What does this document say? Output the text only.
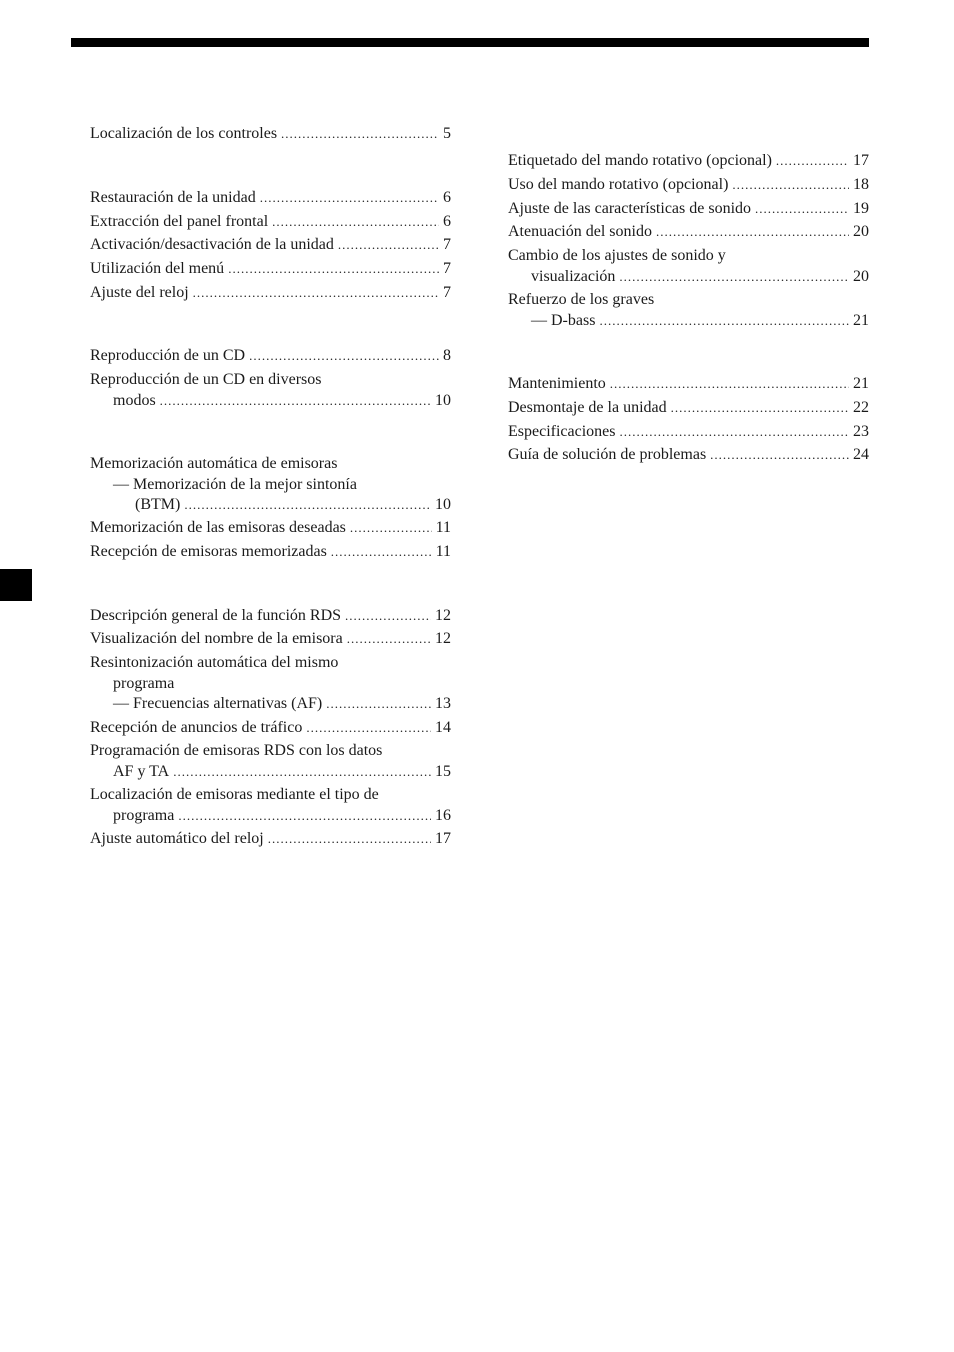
Localización de los controles .....	5
Restauración de la unidad .....	6
Extracción del panel frontal .....	6
Activación/desactivación de la unidad .....	7
Utilización del menú .....	7
Ajuste del reloj .....	7
Reproducción de un CD .....	8
Reproducción de un CD en diversos
modos .....	10
Memorización automática de emisoras
— Memorización de la mejor sintonía
(BTM) .....	10
Memorización de las emisoras deseadas .....	11
Recepción de emisoras memorizadas .....	11
Descripción general de la función RDS .....	12
Visualización del nombre de la emisora .....	12
Resintonización automática del mismo
programa
— Frecuencias alternativas (AF) .....	13
Recepción de anuncios de tráfico .....	14
Programación de emisoras RDS con los datos
AF y TA .....	15
Localización de emisoras mediante el tipo de
programa .....	16
Ajuste automático del reloj .....	17
Etiquetado del mando rotativo (opcional) .....	17
Uso del mando rotativo (opcional) .....	18
Ajuste de las características de sonido .....	19
Atenuación del sonido .....	20
Cambio de los ajustes de sonido y
visualización .....	20
Refuerzo de los graves
— D-bass .....	21
Mantenimiento .....	21
Desmontaje de la unidad .....	22
Especificaciones .....	23
Guía de solución de problemas .....	24
